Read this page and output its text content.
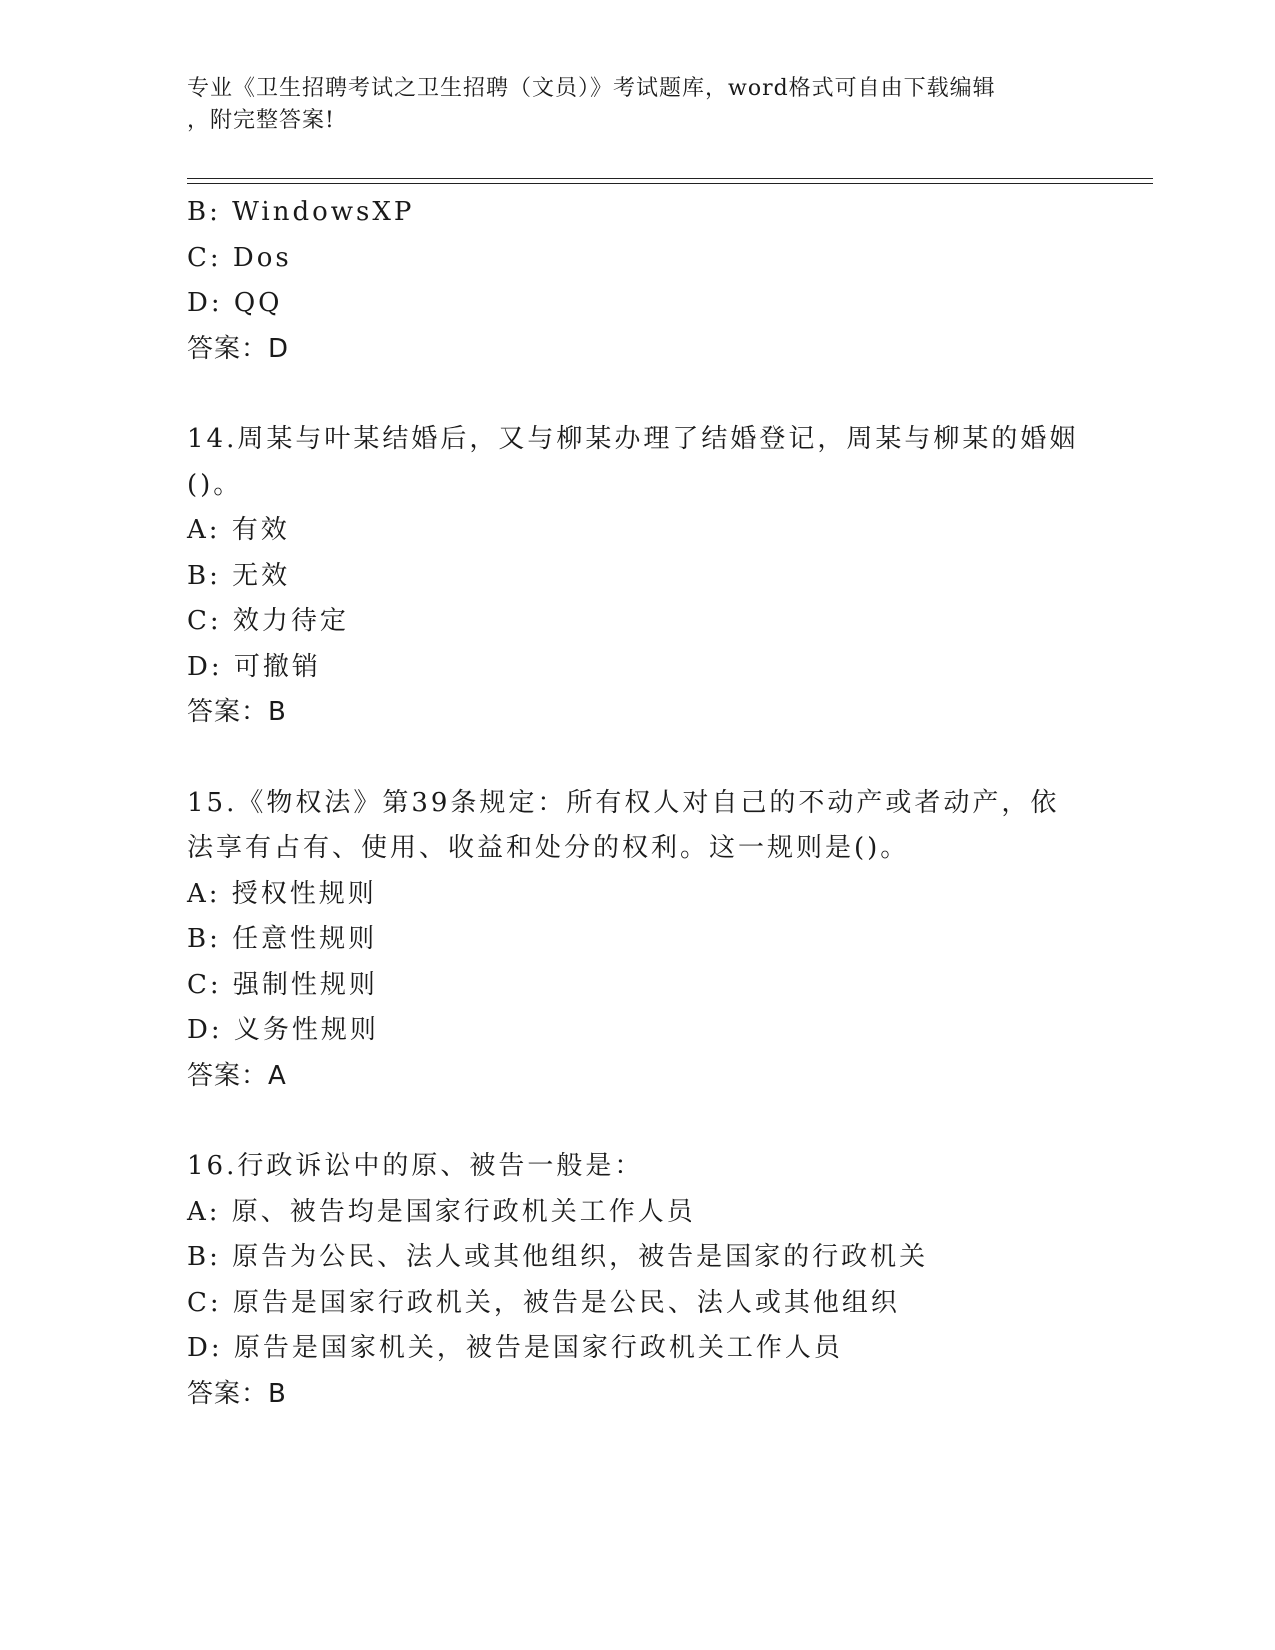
专业《卫生招聘考试之卫生招聘（文员）》考试题库，word格式可自由下载编辑
，附完整答案!
B: WindowsXP
C: Dos
D: QQ
答案：D
14.周某与叶某结婚后，又与柳某办理了结婚登记，周某与柳某的婚姻
()。
A: 有效
B: 无效
C: 效力待定
D: 可撤销
答案：B
15.《物权法》第39条规定：所有权人对自己的不动产或者动产，依
法享有占有、使用、收益和处分的权利。这一规则是()。
A: 授权性规则
B: 任意性规则
C: 强制性规则
D: 义务性规则
答案：A
16.行政诉讼中的原、被告一般是：
A: 原、被告均是国家行政机关工作人员
B: 原告为公民、法人或其他组织，被告是国家的行政机关
C: 原告是国家行政机关，被告是公民、法人或其他组织
D: 原告是国家机关，被告是国家行政机关工作人员
答案：B
